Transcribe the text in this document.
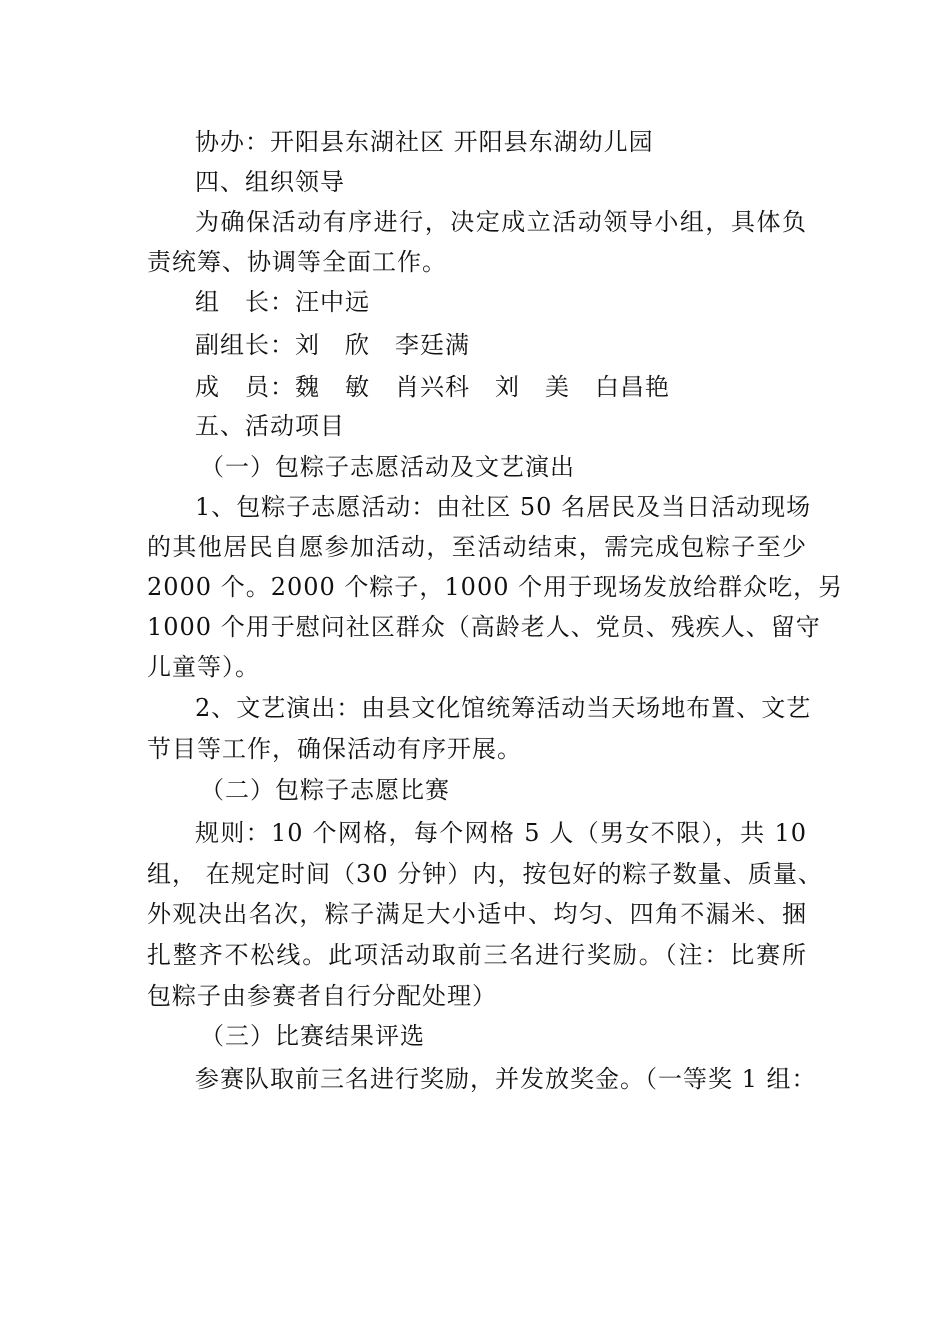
协办：开阳县东湖社区 开阳县东湖幼儿园
四、组织领导
为确保活动有序进行，决定成立活动领导小组，具体负
责统筹、协调等全面工作。
组　长：汪中远
副组长：刘　欣　李廷满
成　员：魏　敏　肖兴科　刘　美　白昌艳
五、活动项目
（一）包粽子志愿活动及文艺演出
1、包粽子志愿活动：由社区 50 名居民及当日活动现场
的其他居民自愿参加活动，至活动结束，需完成包粽子至少
2000 个。2000 个粽子，1000 个用于现场发放给群众吃，另
1000 个用于慰问社区群众（高龄老人、党员、残疾人、留守
儿童等）。
2、文艺演出：由县文化馆统筹活动当天场地布置、文艺
节目等工作，确保活动有序开展。
（二）包粽子志愿比赛
规则：10 个网格，每个网格 5 人（男女不限），共 10
组， 在规定时间（30 分钟）内，按包好的粽子数量、质量、
外观决出名次，粽子满足大小适中、均匀、四角不漏米、捆
扎整齐不松线。此项活动取前三名进行奖励。（注：比赛所
包粽子由参赛者自行分配处理）
（三）比赛结果评选
参赛队取前三名进行奖励，并发放奖金。（一等奖 1 组：
